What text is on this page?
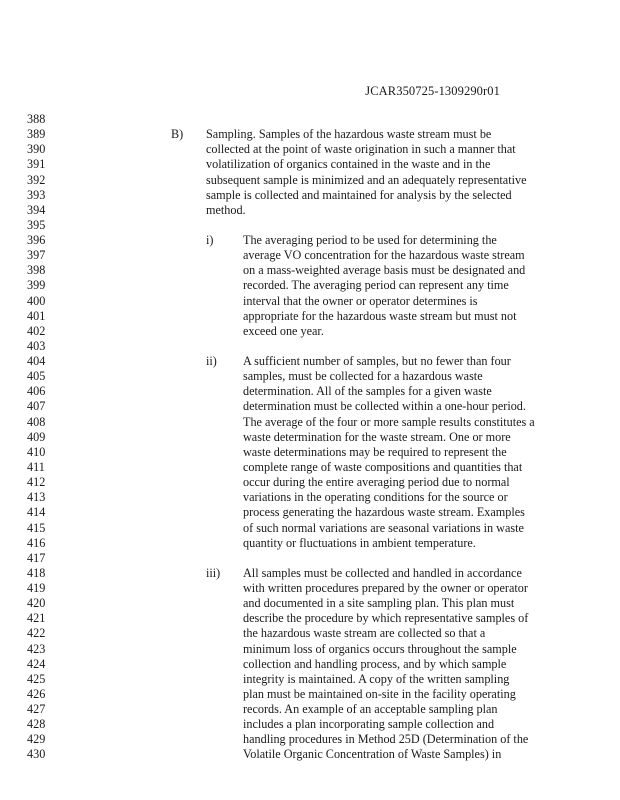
JCAR350725-1309290r01
388
389	B) Sampling. Samples of the hazardous waste stream must be
390	collected at the point of waste origination in such a manner that
391	volatilization of organics contained in the waste and in the
392	subsequent sample is minimized and an adequately representative
393	sample is collected and maintained for analysis by the selected
394	method.
395
396	i) The averaging period to be used for determining the
397	average VO concentration for the hazardous waste stream
398	on a mass-weighted average basis must be designated and
399	recorded. The averaging period can represent any time
400	interval that the owner or operator determines is
401	appropriate for the hazardous waste stream but must not
402	exceed one year.
403
404	ii) A sufficient number of samples, but no fewer than four
405	samples, must be collected for a hazardous waste
406	determination. All of the samples for a given waste
407	determination must be collected within a one-hour period.
408	The average of the four or more sample results constitutes a
409	waste determination for the waste stream. One or more
410	waste determinations may be required to represent the
411	complete range of waste compositions and quantities that
412	occur during the entire averaging period due to normal
413	variations in the operating conditions for the source or
414	process generating the hazardous waste stream. Examples
415	of such normal variations are seasonal variations in waste
416	quantity or fluctuations in ambient temperature.
417
418	iii) All samples must be collected and handled in accordance
419	with written procedures prepared by the owner or operator
420	and documented in a site sampling plan. This plan must
421	describe the procedure by which representative samples of
422	the hazardous waste stream are collected so that a
423	minimum loss of organics occurs throughout the sample
424	collection and handling process, and by which sample
425	integrity is maintained. A copy of the written sampling
426	plan must be maintained on-site in the facility operating
427	records. An example of an acceptable sampling plan
428	includes a plan incorporating sample collection and
429	handling procedures in Method 25D (Determination of the
430	Volatile Organic Concentration of Waste Samples) in
